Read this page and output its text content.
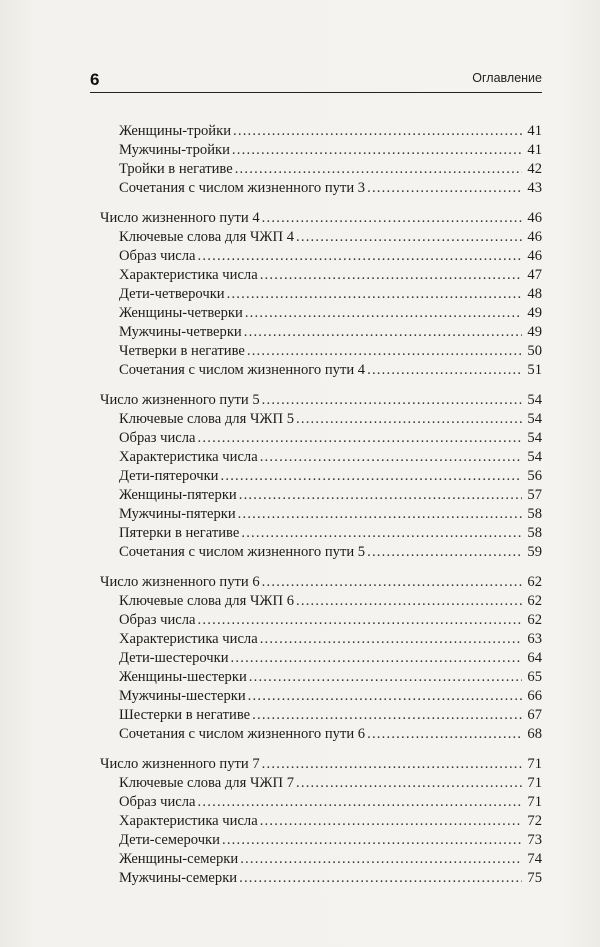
6	Оглавление
Женщины-тройки .....	41
Мужчины-тройки .....	41
Тройки в негативе .....	42
Сочетания с числом жизненного пути 3 .....	43
Число жизненного пути 4 .....	46
Ключевые слова для ЧЖП 4 .....	46
Образ числа .....	46
Характеристика числа .....	47
Дети-четверочки .....	48
Женщины-четверки .....	49
Мужчины-четверки .....	49
Четверки в негативе .....	50
Сочетания с числом жизненного пути 4 .....	51
Число жизненного пути 5 .....	54
Ключевые слова для ЧЖП 5 .....	54
Образ числа .....	54
Характеристика числа .....	54
Дети-пятерочки .....	56
Женщины-пятерки .....	57
Мужчины-пятерки .....	58
Пятерки в негативе .....	58
Сочетания с числом жизненного пути 5 .....	59
Число жизненного пути 6 .....	62
Ключевые слова для ЧЖП 6 .....	62
Образ числа .....	62
Характеристика числа .....	63
Дети-шестерочки .....	64
Женщины-шестерки .....	65
Мужчины-шестерки .....	66
Шестерки в негативе .....	67
Сочетания с числом жизненного пути 6 .....	68
Число жизненного пути 7 .....	71
Ключевые слова для ЧЖП 7 .....	71
Образ числа .....	71
Характеристика числа .....	72
Дети-семерочки .....	73
Женщины-семерки .....	74
Мужчины-семерки .....	75
